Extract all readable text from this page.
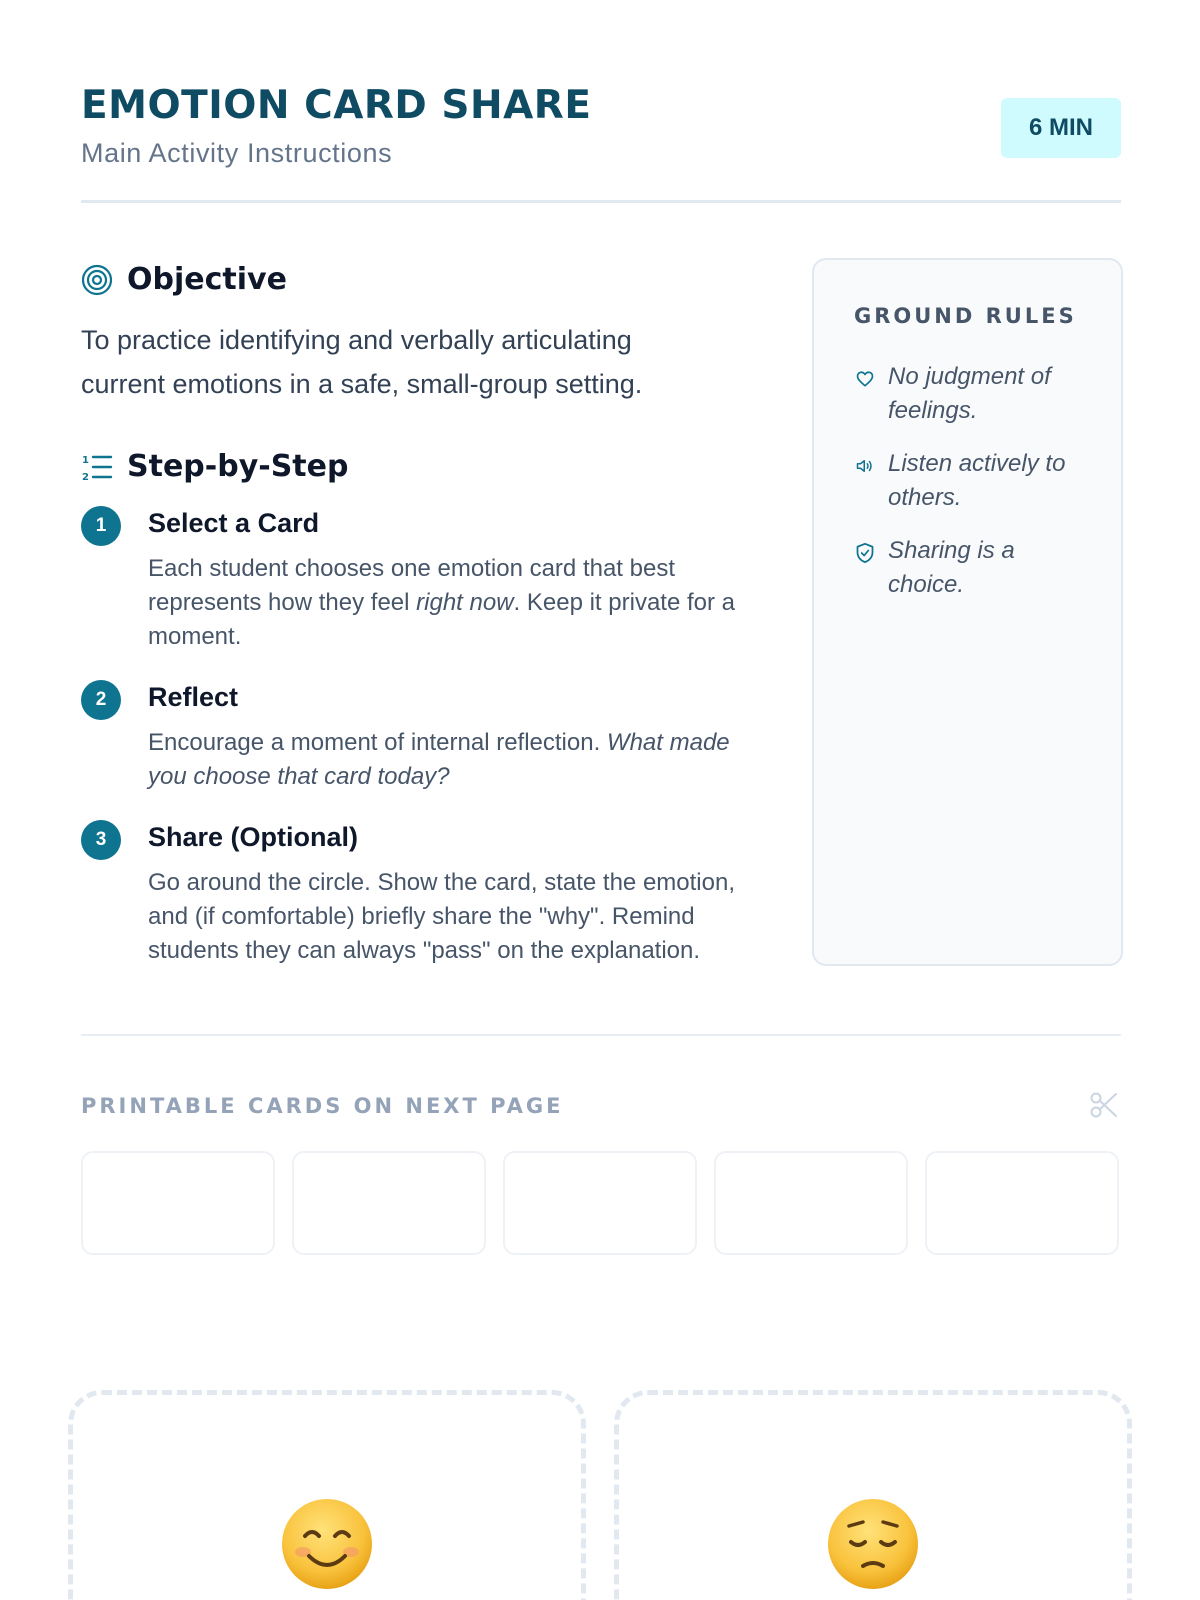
EMOTION CARD SHARE
Main Activity Instructions
6 MIN
Objective
To practice identifying and verbally articulating current emotions in a safe, small-group setting.
1
2 Step-by-Step
1	Select a Card
Each student chooses one emotion card that best represents how they feel right now. Keep it private for a moment.
2	Reflect
Encourage a moment of internal reflection. What made you choose that card today?
3	Share (Optional)
Go around the circle. Show the card, state the emotion, and (if comfortable) briefly share the "why". Remind students they can always "pass" on the explanation.
GROUND RULES
No judgment of feelings.
Listen actively to others.
Sharing is a choice.
PRINTABLE CARDS ON NEXT PAGE
